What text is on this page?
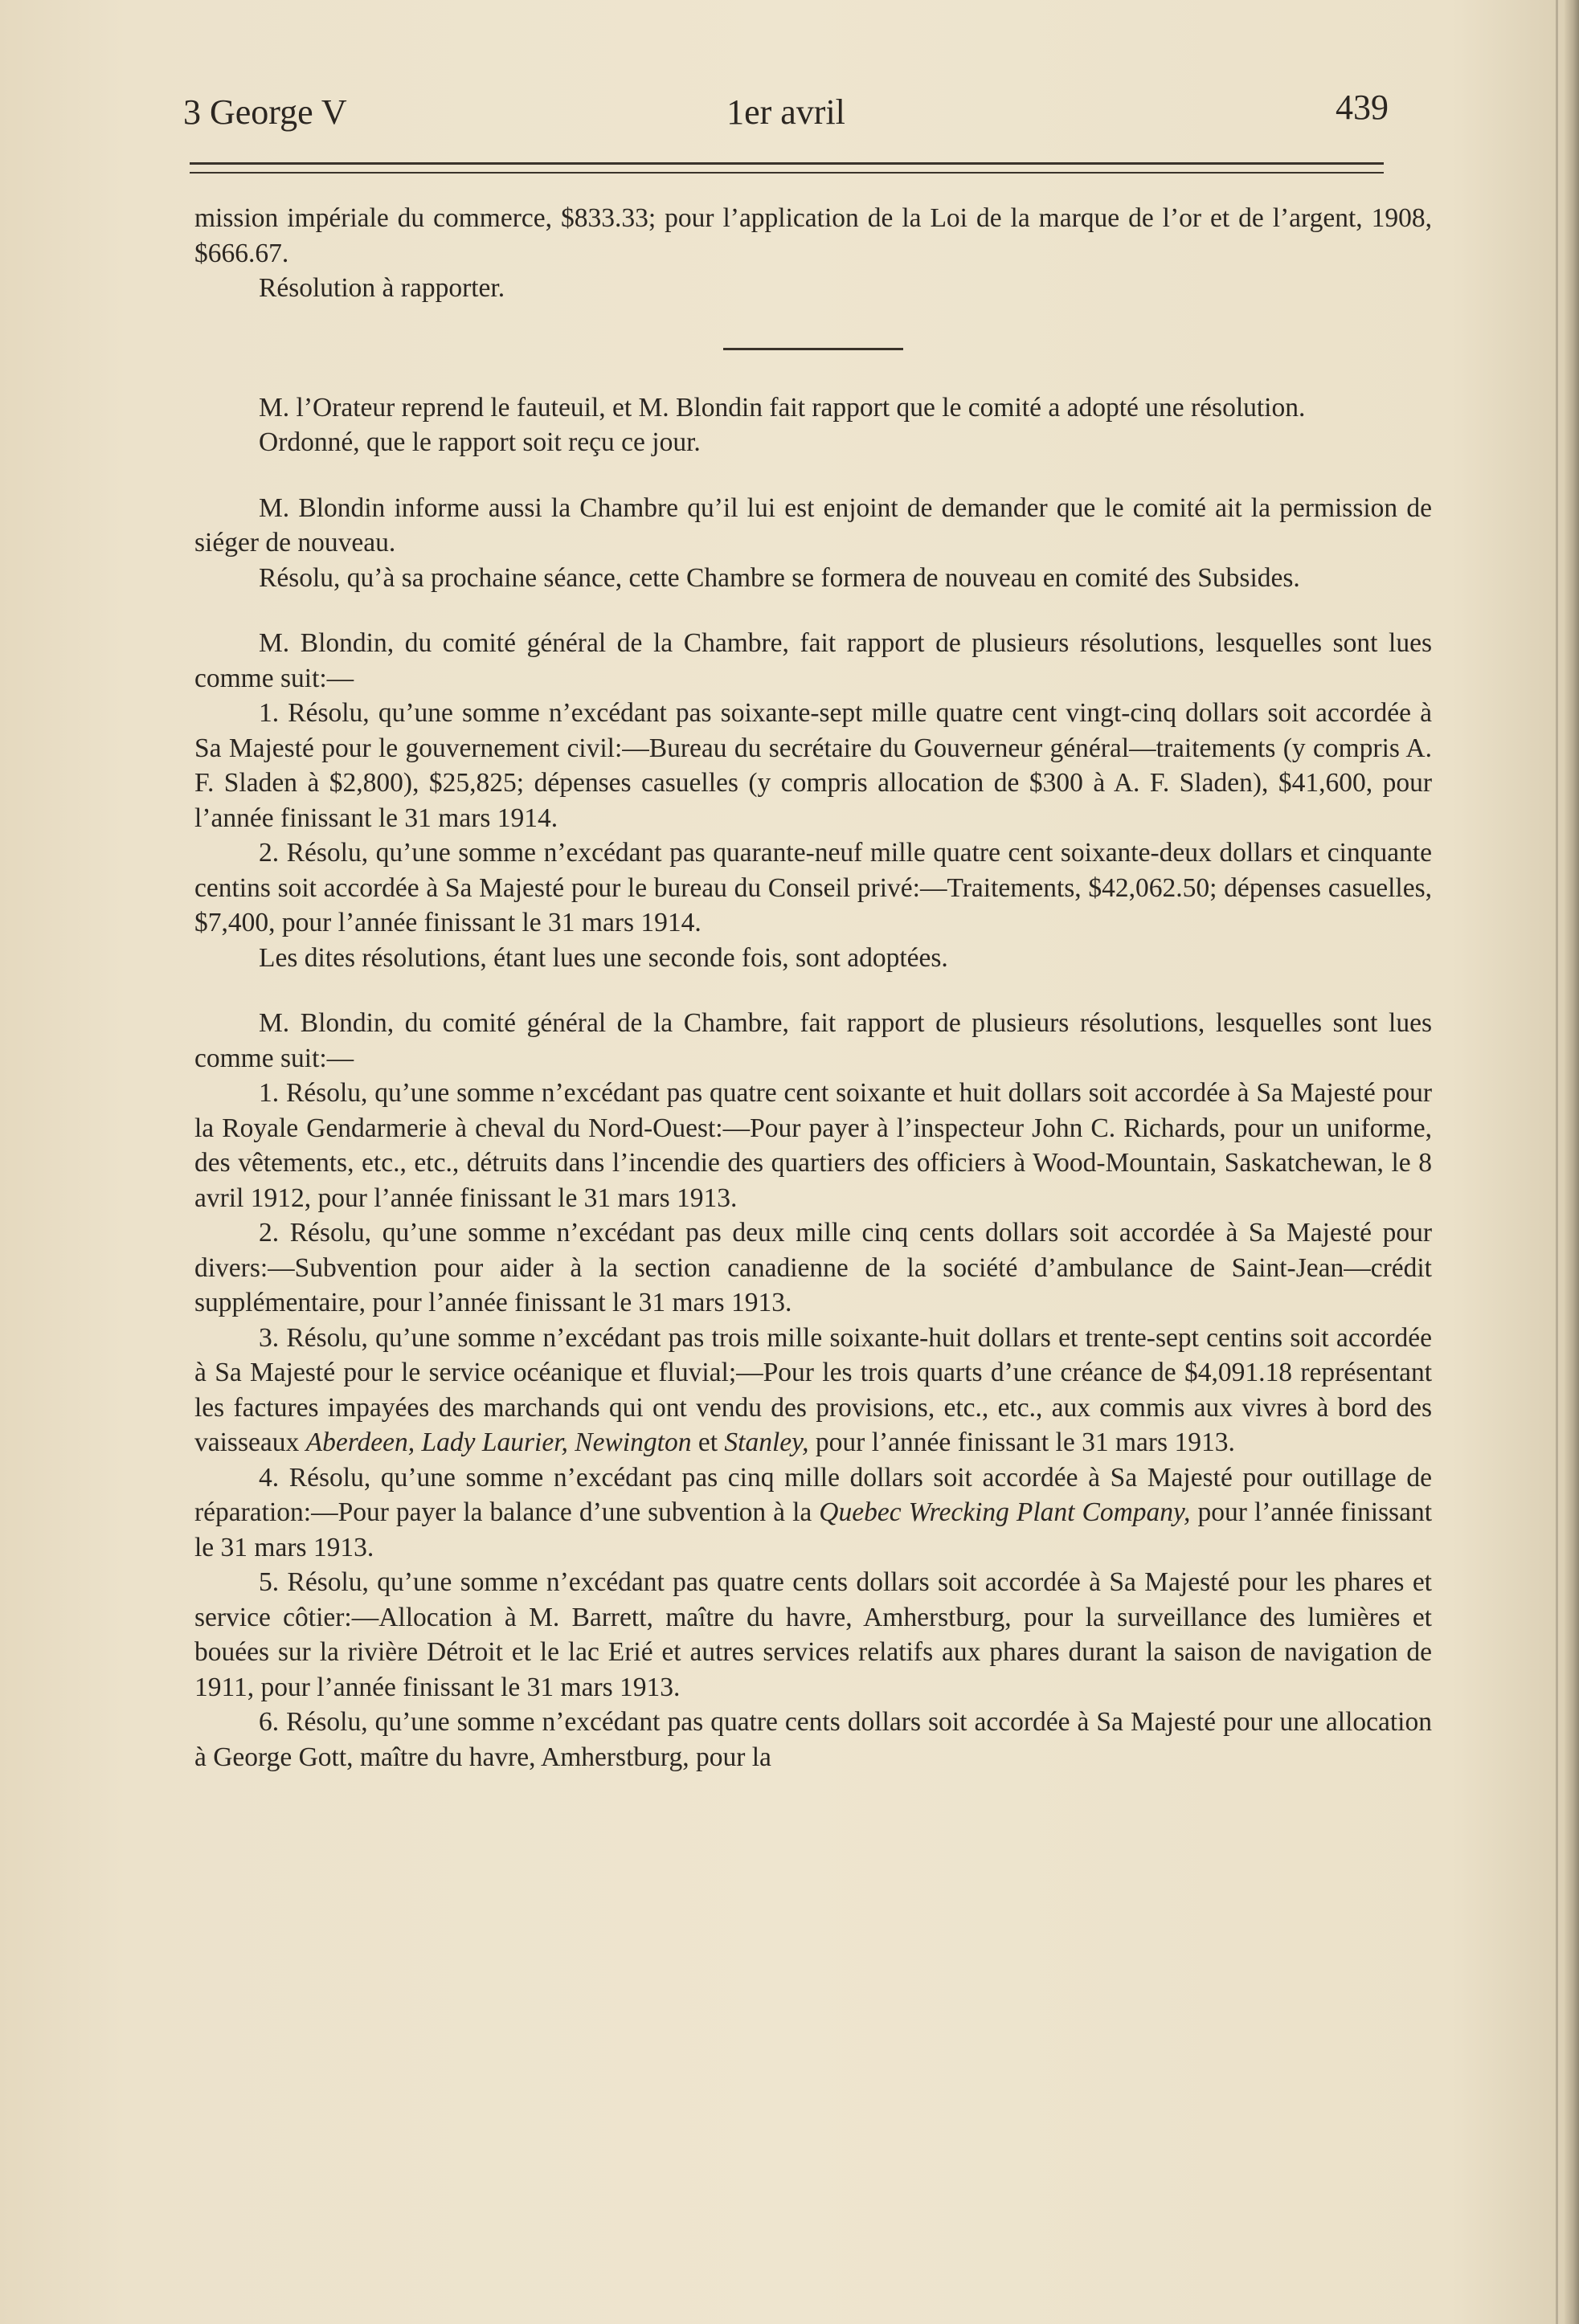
3 George V	1er avril	439

mission impériale du commerce, $833.33; pour l’application de la Loi de la marque de l’or et de l’argent, 1908, $666.67.

Résolution à rapporter.

M. l’Orateur reprend le fauteuil, et M. Blondin fait rapport que le comité a adopté une résolution.

Ordonné, que le rapport soit reçu ce jour.

M. Blondin informe aussi la Chambre qu’il lui est enjoint de demander que le comité ait la permission de siéger de nouveau.

Résolu, qu’à sa prochaine séance, cette Chambre se formera de nouveau en comité des Subsides.

M. Blondin, du comité général de la Chambre, fait rapport de plusieurs résolutions, lesquelles sont lues comme suit:—

1. Résolu, qu’une somme n’excédant pas soixante-sept mille quatre cent vingt-cinq dollars soit accordée à Sa Majesté pour le gouvernement civil:—Bureau du secrétaire du Gouverneur général—traitements (y compris A. F. Sladen à $2,800), $25,825; dépenses casuelles (y compris allocation de $300 à A. F. Sladen), $41,600, pour l’année finissant le 31 mars 1914.

2. Résolu, qu’une somme n’excédant pas quarante-neuf mille quatre cent soixante-deux dollars et cinquante centins soit accordée à Sa Majesté pour le bureau du Conseil privé:—Traitements, $42,062.50; dépenses casuelles, $7,400, pour l’année finissant le 31 mars 1914.

Les dites résolutions, étant lues une seconde fois, sont adoptées.

M. Blondin, du comité général de la Chambre, fait rapport de plusieurs résolutions, lesquelles sont lues comme suit:—

1. Résolu, qu’une somme n’excédant pas quatre cent soixante et huit dollars soit accordée à Sa Majesté pour la Royale Gendarmerie à cheval du Nord-Ouest:—Pour payer à l’inspecteur John C. Richards, pour un uniforme, des vêtements, etc., etc., détruits dans l’incendie des quartiers des officiers à Wood-Mountain, Saskatchewan, le 8 avril 1912, pour l’année finissant le 31 mars 1913.

2. Résolu, qu’une somme n’excédant pas deux mille cinq cents dollars soit accordée à Sa Majesté pour divers:—Subvention pour aider à la section canadienne de la société d’ambulance de Saint-Jean—crédit supplémentaire, pour l’année finissant le 31 mars 1913.

3. Résolu, qu’une somme n’excédant pas trois mille soixante-huit dollars et trente-sept centins soit accordée à Sa Majesté pour le service océanique et fluvial;—Pour les trois quarts d’une créance de $4,091.18 représentant les factures impayées des marchands qui ont vendu des provisions, etc., etc., aux commis aux vivres à bord des vaisseaux Aberdeen, Lady Laurier, Newington et Stanley, pour l’année finissant le 31 mars 1913.

4. Résolu, qu’une somme n’excédant pas cinq mille dollars soit accordée à Sa Majesté pour outillage de réparation:—Pour payer la balance d’une subvention à la Quebec Wrecking Plant Company, pour l’année finissant le 31 mars 1913.

5. Résolu, qu’une somme n’excédant pas quatre cents dollars soit accordée à Sa Majesté pour les phares et service côtier:—Allocation à M. Barrett, maître du havre, Amherstburg, pour la surveillance des lumières et bouées sur la rivière Détroit et le lac Erié et autres services relatifs aux phares durant la saison de navigation de 1911, pour l’année finissant le 31 mars 1913.

6. Résolu, qu’une somme n’excédant pas quatre cents dollars soit accordée à Sa Majesté pour une allocation à George Gott, maître du havre, Amherstburg, pour la
